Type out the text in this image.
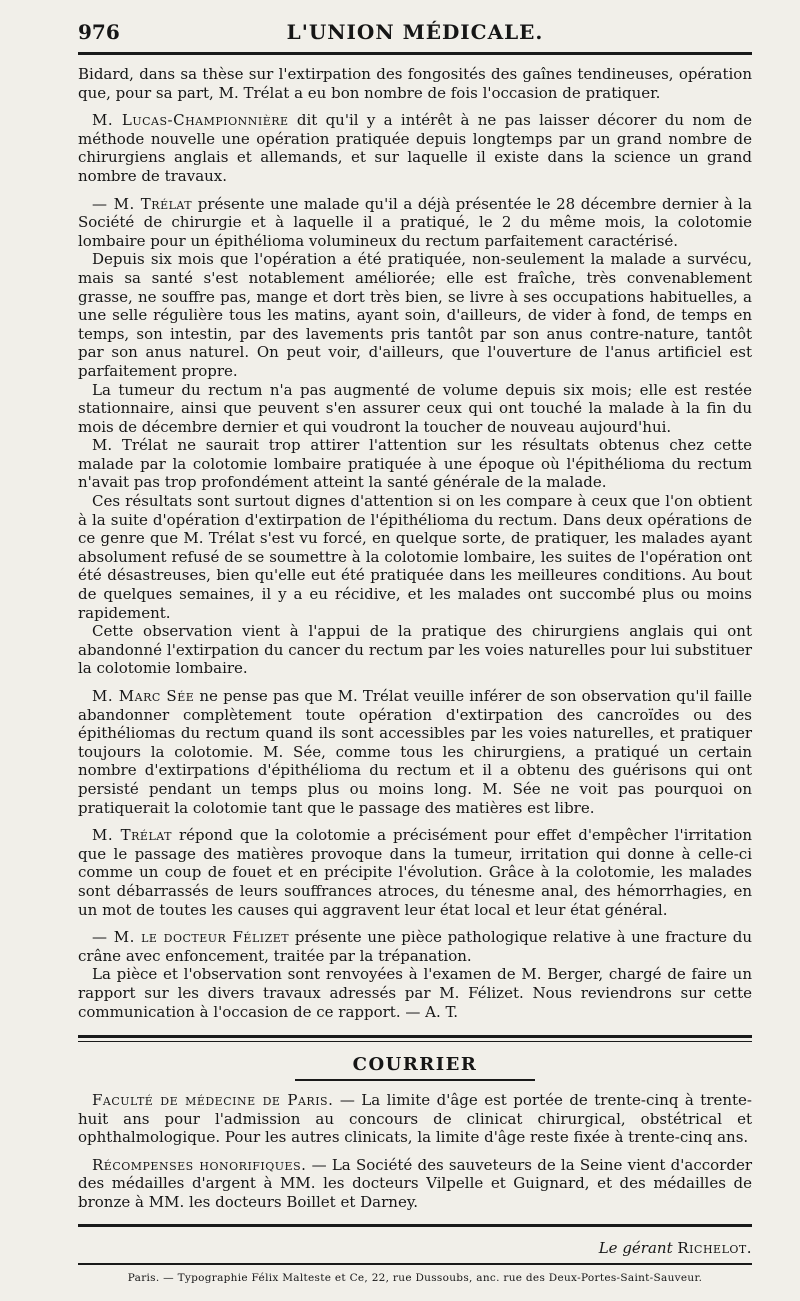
976	L'UNION MÉDICALE.

Bidard, dans sa thèse sur l'extirpation des fongosités des gaînes tendineuses, opération que, pour sa part, M. Trélat a eu bon nombre de fois l'occasion de pratiquer.

M. Lucas-Championnière dit qu'il y a intérêt à ne pas laisser décorer du nom de méthode nouvelle une opération pratiquée depuis longtemps par un grand nombre de chirurgiens anglais et allemands, et sur laquelle il existe dans la science un grand nombre de travaux.

— M. Trélat présente une malade qu'il a déjà présentée le 28 décembre dernier à la Société de chirurgie et à laquelle il a pratiqué, le 2 du même mois, la colotomie lombaire pour un épithélioma volumineux du rectum parfaitement caractérisé.

Depuis six mois que l'opération a été pratiquée, non-seulement la malade a survécu, mais sa santé s'est notablement améliorée; elle est fraîche, très convenablement grasse, ne souffre pas, mange et dort très bien, se livre à ses occupations habituelles, a une selle régulière tous les matins, ayant soin, d'ailleurs, de vider à fond, de temps en temps, son intestin, par des lavements pris tantôt par son anus contre-nature, tantôt par son anus naturel. On peut voir, d'ailleurs, que l'ouverture de l'anus artificiel est parfaitement propre.

La tumeur du rectum n'a pas augmenté de volume depuis six mois; elle est restée stationnaire, ainsi que peuvent s'en assurer ceux qui ont touché la malade à la fin du mois de décembre dernier et qui voudront la toucher de nouveau aujourd'hui.

M. Trélat ne saurait trop attirer l'attention sur les résultats obtenus chez cette malade par la colotomie lombaire pratiquée à une époque où l'épithélioma du rectum n'avait pas trop profondément atteint la santé générale de la malade.

Ces résultats sont surtout dignes d'attention si on les compare à ceux que l'on obtient à la suite d'opération d'extirpation de l'épithélioma du rectum. Dans deux opérations de ce genre que M. Trélat s'est vu forcé, en quelque sorte, de pratiquer, les malades ayant absolument refusé de se soumettre à la colotomie lombaire, les suites de l'opération ont été désastreuses, bien qu'elle eut été pratiquée dans les meilleures conditions. Au bout de quelques semaines, il y a eu récidive, et les malades ont succombé plus ou moins rapidement.

Cette observation vient à l'appui de la pratique des chirurgiens anglais qui ont abandonné l'extirpation du cancer du rectum par les voies naturelles pour lui substituer la colotomie lombaire.

M. Marc Sée ne pense pas que M. Trélat veuille inférer de son observation qu'il faille abandonner complètement toute opération d'extirpation des cancroïdes ou des épithéliomas du rectum quand ils sont accessibles par les voies naturelles, et pratiquer toujours la colotomie. M. Sée, comme tous les chirurgiens, a pratiqué un certain nombre d'extirpations d'épithélioma du rectum et il a obtenu des guérisons qui ont persisté pendant un temps plus ou moins long. M. Sée ne voit pas pourquoi on pratiquerait la colotomie tant que le passage des matières est libre.

M. Trélat répond que la colotomie a précisément pour effet d'empêcher l'irritation que le passage des matières provoque dans la tumeur, irritation qui donne à celle-ci comme un coup de fouet et en précipite l'évolution. Grâce à la colotomie, les malades sont débarrassés de leurs souffrances atroces, du ténesme anal, des hémorrhagies, en un mot de toutes les causes qui aggravent leur état local et leur état général.

— M. le docteur Félizet présente une pièce pathologique relative à une fracture du crâne avec enfoncement, traitée par la trépanation.

La pièce et l'observation sont renvoyées à l'examen de M. Berger, chargé de faire un rapport sur les divers travaux adressés par M. Félizet. Nous reviendrons sur cette communication à l'occasion de ce rapport. — A. T.

COURRIER

Faculté de médecine de Paris. — La limite d'âge est portée de trente-cinq à trente-huit ans pour l'admission au concours de clinicat chirurgical, obstétrical et ophthalmologique. Pour les autres clinicats, la limite d'âge reste fixée à trente-cinq ans.

Récompenses honorifiques. — La Société des sauveteurs de la Seine vient d'accorder des médailles d'argent à MM. les docteurs Vilpelle et Guignard, et des médailles de bronze à MM. les docteurs Boillet et Darney.

Le gérant Richelot.
Paris. — Typographie Félix Malteste et Ce, 22, rue Dussoubs, anc. rue des Deux-Portes-Saint-Sauveur.
